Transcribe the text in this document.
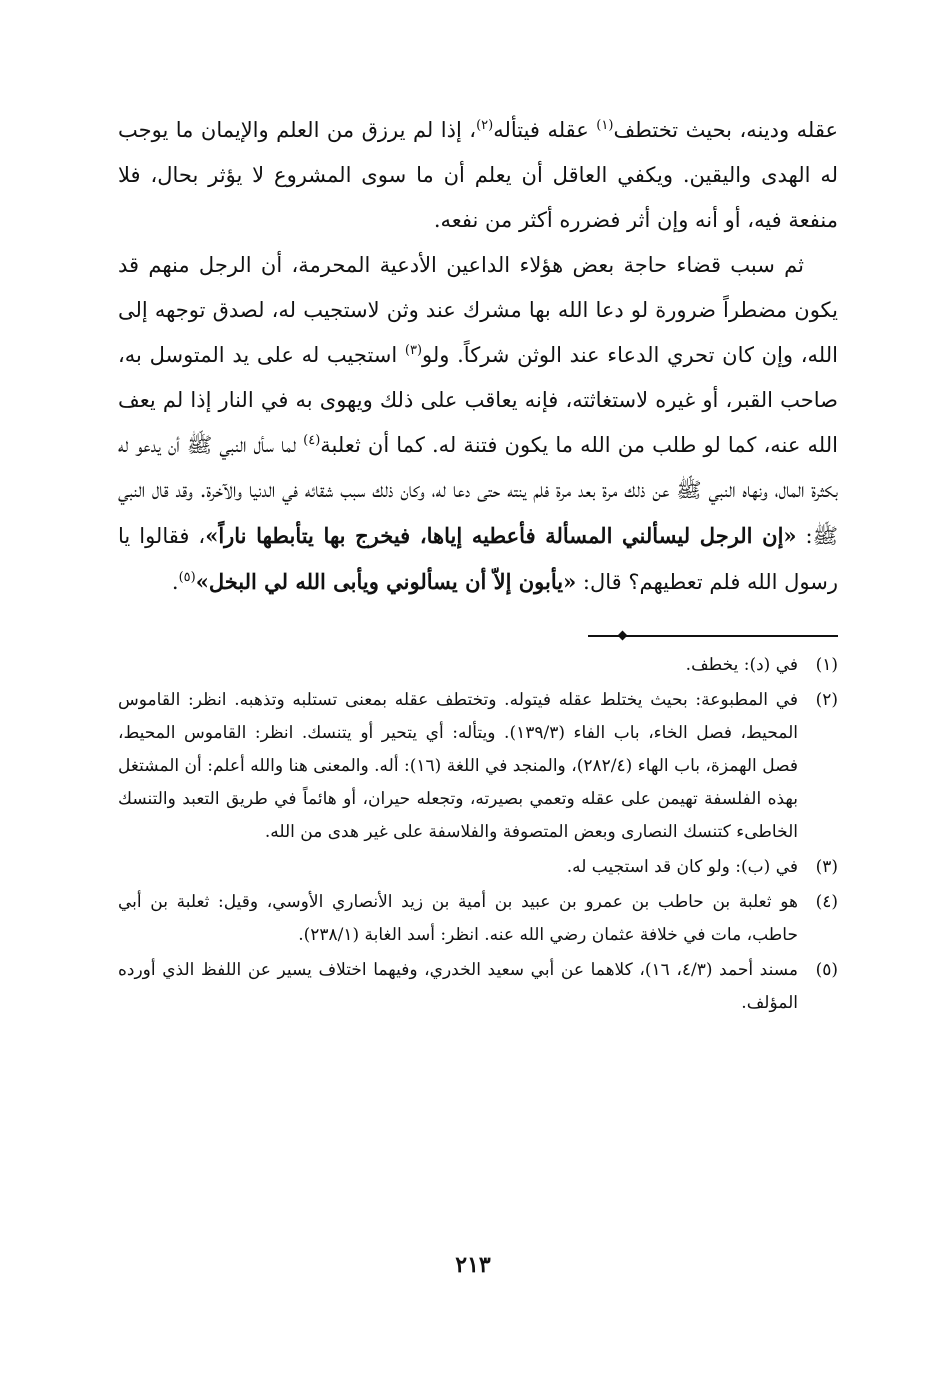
عقله ودينه، بحيث تختطف$^{(١)}$ عقله فيتأله$^{(٢)}$، إذا لم يرزق من العلم والإيمان ما يوجب له الهدى واليقين. ويكفي العاقل أن يعلم أن ما سوى المشروع لا يؤثر بحال، فلا منفعة فيه، أو أنه وإن أثر فضرره أكثر من نفعه.

ثم سبب قضاء حاجة بعض هؤلاء الداعين الأدعية المحرمة، أن الرجل منهم قد يكون مضطراً ضرورة لو دعا الله بها مشرك عند وثن لاستجيب له، لصدق توجهه إلى الله، وإن كان تحري الدعاء عند الوثن شركاً. ولو$^{(٣)}$ استجيب له على يد المتوسل به، صاحب القبر، أو غيره لاستغاثته، فإنه يعاقب على ذلك ويهوى به في النار إذا لم يعف الله عنه، كما لو طلب من الله ما يكون فتنة له. كما أن ثعلبة$^{(٤)}$ لما سأل النبي ﷺ أن يدعو له بكثرة المال، ونهاه النبي ﷺ عن ذلك مرة بعد مرة فلم ينته حتى دعا له، وكان ذلك سبب شقائه في الدنيا والآخرة. وقد قال النبي ﷺ: «إن الرجل ليسألني المسألة فأعطيه إياها، فيخرج بها يتأبطها ناراً»، فقالوا يا رسول الله فلم تعطيهم؟ قال: «يأبون إلاّ أن يسألوني ويأبى الله لي البخل»$^{(٥)}$.

(١)
في (د): يخطف.
(٢)
في المطبوعة: بحيث يختلط عقله فيتوله. وتختطف عقله بمعنى تستلبه وتذهبه. انظر: القاموس المحيط، فصل الخاء، باب الفاء (١٣٩/٣). ويتأله: أي يتحير أو يتنسك. انظر: القاموس المحيط، فصل الهمزة، باب الهاء (٢٨٢/٤)، والمنجد في اللغة (١٦): أله. والمعنى هنا والله أعلم: أن المشتغل بهذه الفلسفة تهيمن على عقله وتعمي بصيرته، وتجعله حيران، أو هائماً في طريق التعبد والتنسك الخاطىء كتنسك النصارى وبعض المتصوفة والفلاسفة على غير هدى من الله.
(٣)
في (ب): ولو كان قد استجيب له.
(٤)
هو ثعلبة بن حاطب بن عمرو بن عبيد بن أمية بن زيد الأنصاري الأوسي، وقيل: ثعلبة بن أبي حاطب، مات في خلافة عثمان رضي الله عنه. انظر: أسد الغابة (٢٣٨/١).
(٥)
مسند أحمد (٤/٣، ١٦)، كلاهما عن أبي سعيد الخدري، وفيهما اختلاف يسير عن اللفظ الذي أورده المؤلف.
٢١٣
